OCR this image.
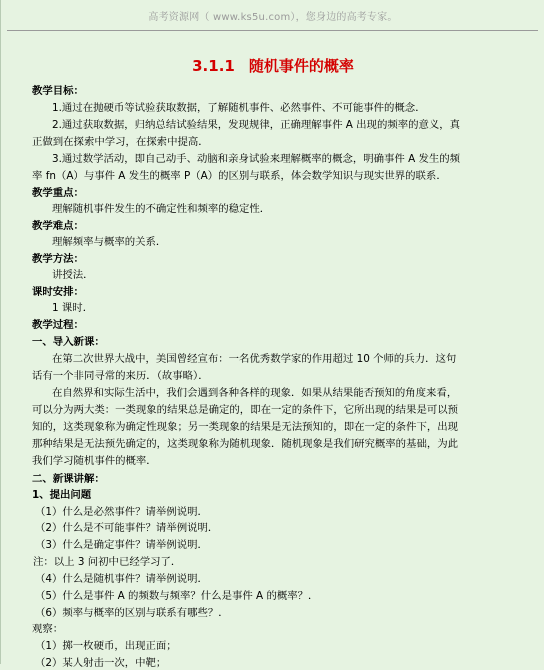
高考资源网（ www.ks5u.com），您身边的高考专家。
3.1.1 随机事件的概率
教学目标：
1.通过在抛硬币等试验获取数据，了解随机事件、必然事件、不可能事件的概念．
2.通过获取数据，归纳总结试验结果，发现规律，正确理解事件 A 出现的频率的意义，真
正做到在探索中学习，在探索中提高．
3.通过数学活动，即自己动手、动脑和亲身试验来理解概率的概念，明确事件 A 发生的频
率 fn（A）与事件 A 发生的概率 P（A）的区别与联系，体会数学知识与现实世界的联系．
教学重点：
理解随机事件发生的不确定性和频率的稳定性．
教学难点：
理解频率与概率的关系．
教学方法：
讲授法．
课时安排：
1 课时．
教学过程：
一、导入新课：
在第二次世界大战中，美国曾经宣布：一名优秀数学家的作用超过 10 个师的兵力．这句
话有一个非同寻常的来历．（故事略）．
在自然界和实际生活中，我们会遇到各种各样的现象．如果从结果能否预知的角度来看，
可以分为两大类：一类现象的结果总是确定的，即在一定的条件下，它所出现的结果是可以预
知的，这类现象称为确定性现象；另一类现象的结果是无法预知的，即在一定的条件下，出现
那种结果是无法预先确定的，这类现象称为随机现象．随机现象是我们研究概率的基础，为此
我们学习随机事件的概率．
二、新课讲解：
1、提出问题
（1）什么是必然事件？请举例说明．
（2）什么是不可能事件？请举例说明．
（3）什么是确定事件？请举例说明．
注：以上 3 问初中已经学习了．
（4）什么是随机事件？请举例说明．
（5）什么是事件 A 的频数与频率？什么是事件 A 的概率？．
（6）频率与概率的区别与联系有哪些？．
观察：
（1）掷一枚硬币，出现正面；
（2）某人射击一次，中靶；
